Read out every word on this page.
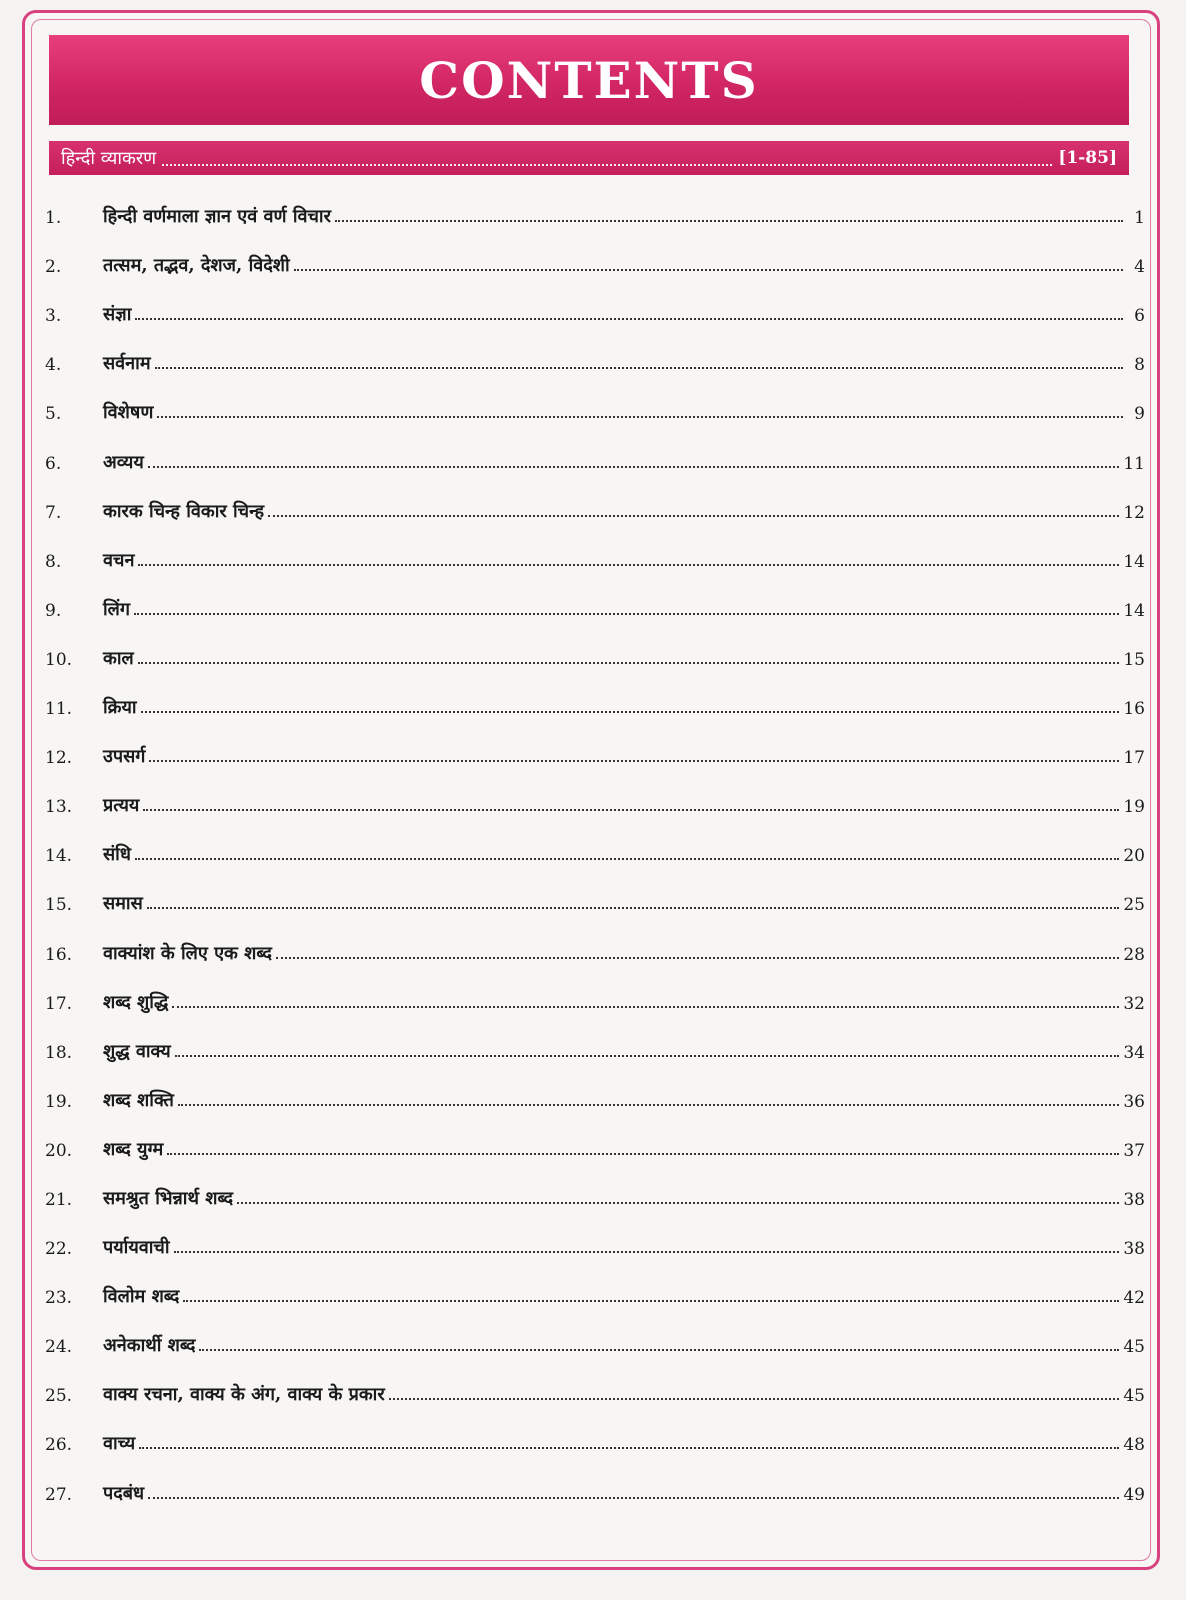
CONTENTS
हिन्दी व्याकरण	[1-85]
1.	हिन्दी वर्णमाला ज्ञान एवं वर्ण विचार	1
2.	तत्सम, तद्भव, देशज, विदेशी	4
3.	संज्ञा	6
4.	सर्वनाम	8
5.	विशेषण	9
6.	अव्यय	11
7.	कारक चिन्ह विकार चिन्ह	12
8.	वचन	14
9.	लिंग	14
10.	काल	15
11.	क्रिया	16
12.	उपसर्ग	17
13.	प्रत्यय	19
14.	संधि	20
15.	समास	25
16.	वाक्यांश के लिए एक शब्द	28
17.	शब्द शुद्धि	32
18.	शुद्ध वाक्य	34
19.	शब्द शक्ति	36
20.	शब्द युग्म	37
21.	समश्रुत भिन्नार्थ शब्द	38
22.	पर्यायवाची	38
23.	विलोम शब्द	42
24.	अनेकार्थी शब्द	45
25.	वाक्य रचना, वाक्य के अंग, वाक्य के प्रकार	45
26.	वाच्य	48
27.	पदबंध	49
